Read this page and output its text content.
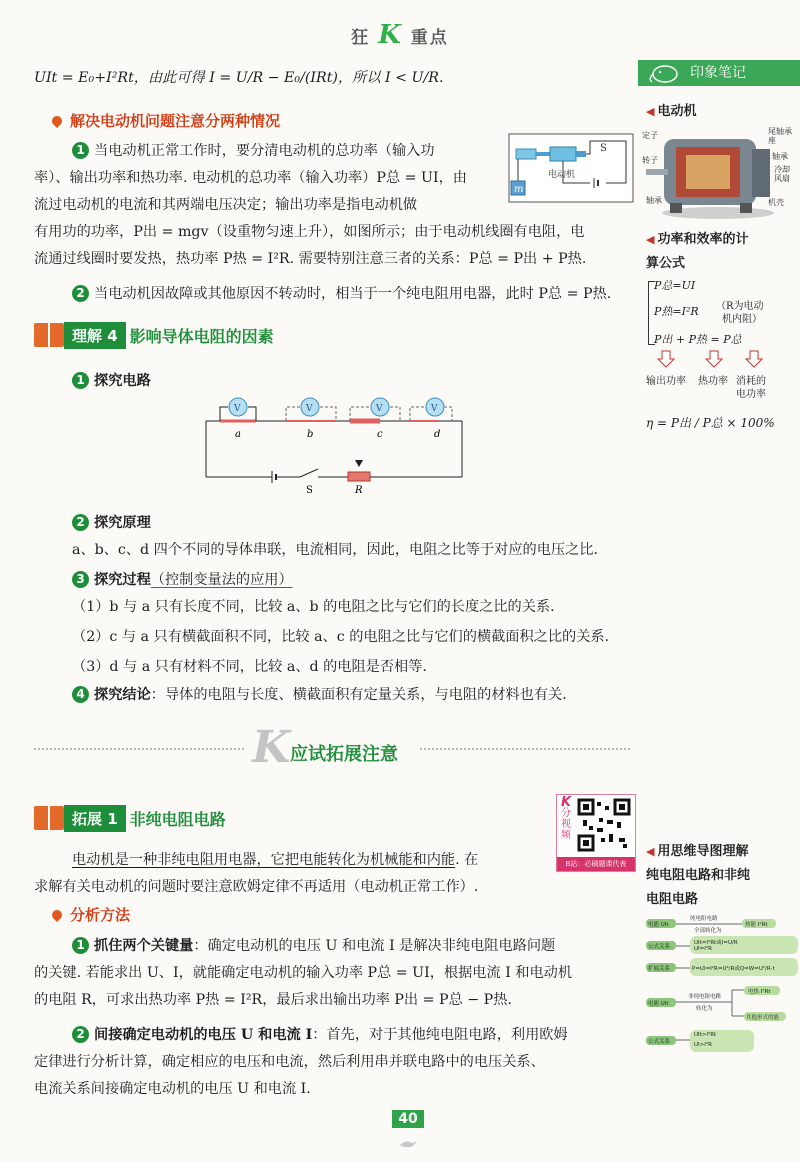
狂 K 重点
UIt = E₀+I²Rt，由此可得 I = U/R − E₀/(IRt)，所以 I < U/R.
解决电动机问题注意分两种情况
1 当电动机正常工作时，要分清电动机的总功率（输入功
率）、输出功率和热功率. 电动机的总功率（输入功率）P总 = UI，由
流过电动机的电流和其两端电压决定；输出功率是指电动机做
有用功的功率，P出 = mgv（设重物匀速上升），如图所示；由于电动机线圈有电阻，电
流通过线圈时要发热，热功率 P热 = I²R. 需要特别注意三者的关系：P总 = P出 + P热.
m
电动机
S
2 当电动机因故障或其他原因不转动时，相当于一个纯电阻用电器，此时 P总 = P热.
理解 4 影响导体电阻的因素
1 探究电路
V	V	V	V
a	b	c	d
S	R
2 探究原理
a、b、c、d 四个不同的导体串联，电流相同，因此，电阻之比等于对应的电压之比.
3 探究过程（控制变量法的应用）
（1）b 与 a 只有长度不同，比较 a、b 的电阻之比与它们的长度之比的关系.
（2）c 与 a 只有横截面积不同，比较 a、c 的电阻之比与它们的横截面积之比的关系.
（3）d 与 a 只有材料不同，比较 a、d 的电阻是否相等.
4 探究结论：导体的电阻与长度、横截面积有定量关系，与电阻的材料也有关.
K 应试拓展注意
拓展 1 非纯电阻电路
K
分视频
B站：必刷题课代表
电动机是一种非纯电阻用电器，它把电能转化为机械能和内能. 在
求解有关电动机的问题时要注意欧姆定律不再适用（电动机正常工作）.
分析方法
1 抓住两个关键量：确定电动机的电压 U 和电流 I 是解决非纯电阻电路问题
的关键. 若能求出 U、I，就能确定电动机的输入功率 P总 = UI，根据电流 I 和电动机
的电阻 R，可求出热功率 P热 = I²R，最后求出输出功率 P出 = P总 − P热.
2 间接确定电动机的电压 U 和电流 I：首先，对于其他纯电阻电路，利用欧姆
定律进行分析计算，确定相应的电压和电流，然后利用串并联电路中的电压关系、
电流关系间接确定电动机的电压 U 和电流 I.
印象笔记
◀ 电动机
定子
转子
轴承
尾轴承座
轴承
冷却风扇
机壳
◀ 功率和效率的计
算公式
P总=UI
P热=I²R （R为电动
机内阻）
P出 + P热 = P总
输出功率 热功率 消耗的
电功率
η = P出 / P总 × 100%
◀ 用思维导图理解
纯电阻电路和非纯
电阻电路
电能 UIt
纯电阻电路
全部转化为
热能 I²Rt
公式关系
UIt=I²Rt或I=U/R
UI=I²R
扩展关系	P=UI=I²R=U²/R或Q=W=U²/R·t
电能 UIt
非纯电阻电路
转化为
电热 I²Rt
其他形式的能
公式关系
UIt>I²Rt
UI>I²R
40
